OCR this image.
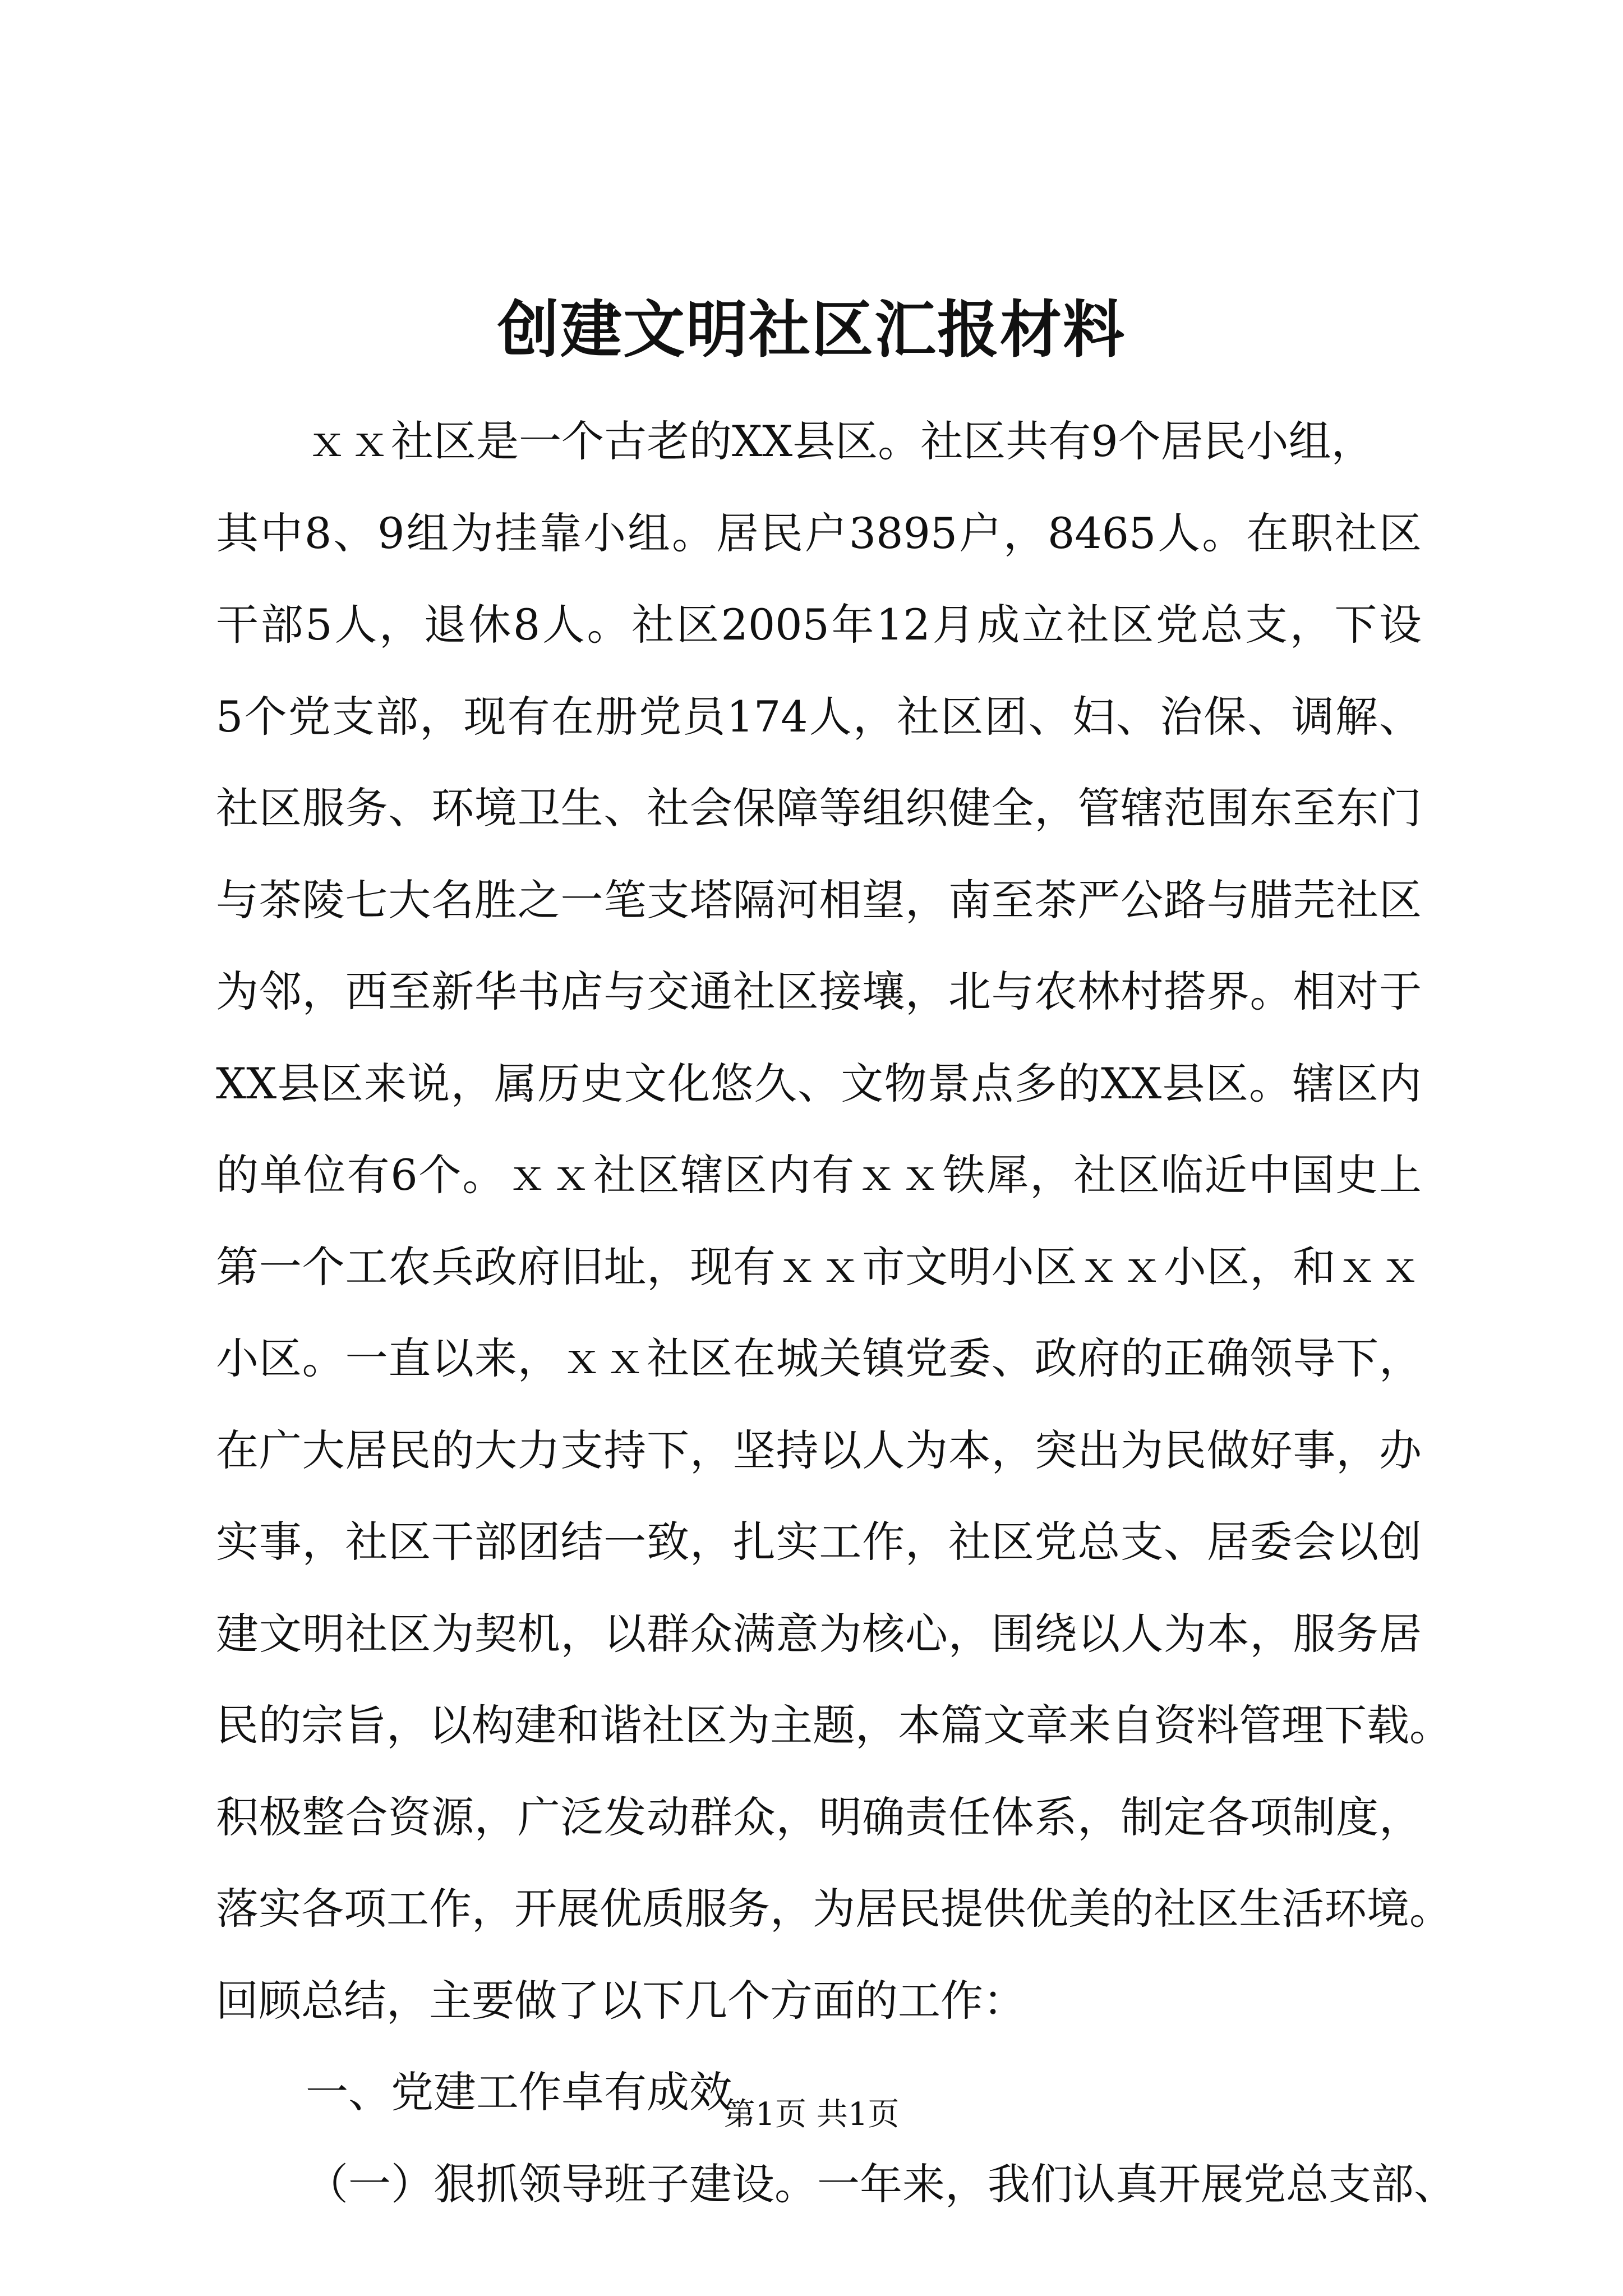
创建文明社区汇报材料
ｘｘ社区是一个古老的XX县区。社区共有9个居民小组，
其中8、9组为挂靠小组。居民户3895户，8465人。在职社区
干部5人，退休8人。社区2005年12月成立社区党总支，下设
5个党支部，现有在册党员174人，社区团、妇、治保、调解、
社区服务、环境卫生、社会保障等组织健全，管辖范围东至东门
与茶陵七大名胜之一笔支塔隔河相望，南至茶严公路与腊芫社区
为邻，西至新华书店与交通社区接壤，北与农林村搭界。相对于
XX县区来说，属历史文化悠久、文物景点多的XX县区。辖区内
的单位有6个。ｘｘ社区辖区内有ｘｘ铁犀，社区临近中国史上
第一个工农兵政府旧址，现有ｘｘ市文明小区ｘｘ小区，和ｘｘ
小区。一直以来，ｘｘ社区在城关镇党委、政府的正确领导下，
在广大居民的大力支持下，坚持以人为本，突出为民做好事，办
实事，社区干部团结一致，扎实工作，社区党总支、居委会以创
建文明社区为契机，以群众满意为核心，围绕以人为本，服务居
民的宗旨，以构建和谐社区为主题，本篇文章来自资料管理下载。
积极整合资源，广泛发动群众，明确责任体系，制定各项制度，
落实各项工作，开展优质服务，为居民提供优美的社区生活环境。
回顾总结，主要做了以下几个方面的工作：
一、党建工作卓有成效
（一）狠抓领导班子建设。一年来，我们认真开展党总支部、
第1页 共1页
